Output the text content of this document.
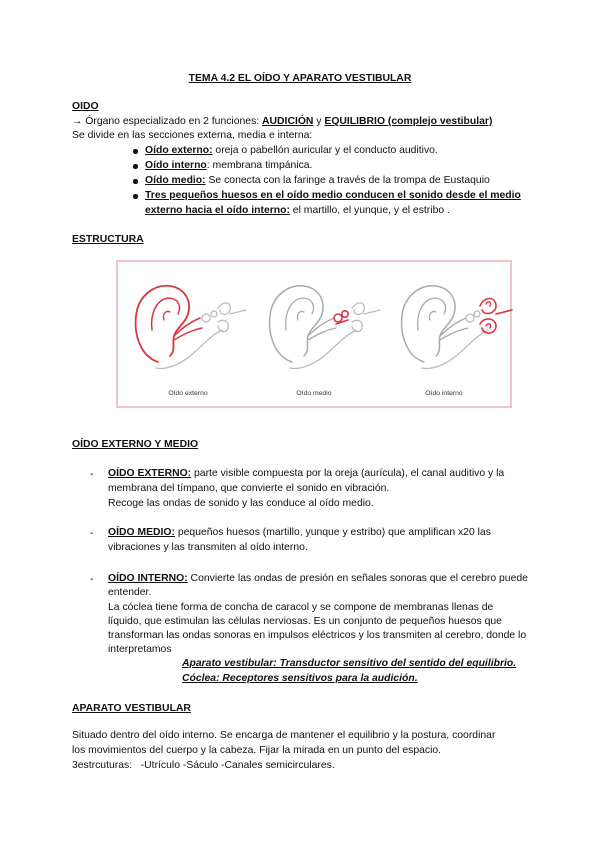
TEMA 4.2 EL OÍDO Y APARATO VESTIBULAR
OIDO
→ Órgano especializado en 2 funciones: AUDICIÓN y EQUILIBRIO (complejo vestibular)
Se divide en las secciones externa, media e interna:
Oído externo: oreja o pabellón auricular y el conducto auditivo.
Oído interno: membrana timpánica.
Oído medio: Se conecta con la faringe a través de la trompa de Eustaquio
Tres pequeños huesos en el oído medio conducen el sonido desde el medio
externo hacia el oído interno: el martillo, el yunque, y el estribo .
ESTRUCTURA
Oído externo	Oído medio	Oído interno
OÍDO EXTERNO Y MEDIO
- OÍDO EXTERNO: parte visible compuesta por la oreja (aurícula), el canal auditivo y la
membrana del tímpano, que convierte el sonido en vibración.
Recoge las ondas de sonido y las conduce al oído medio.
- OÍDO MEDIO: pequeños huesos (martillo, yunque y estribo) que amplifican x20 las
vibraciones y las transmiten al oído interno.
- OÍDO INTERNO: Convierte las ondas de presión en señales sonoras que el cerebro puede
entender.
La cóclea tiene forma de concha de caracol y se compone de membranas llenas de
líquido, que estimulan las células nerviosas. Es un conjunto de pequeños huesos que
transforman las ondas sonoras en impulsos eléctricos y los transmiten al cerebro, donde lo
interpretamos
Aparato vestibular: Transductor sensitivo del sentido del equilibrio.
Cóclea: Receptores sensitivos para la audición.
APARATO VESTIBULAR
Situado dentro del oído interno. Se encarga de mantener el equilibrio y la postura, coordinar
los movimientos del cuerpo y la cabeza. Fijar la mirada en un punto del espacio.
3estrcuturas:   -Utrículo -Sáculo -Canales semicirculares.
